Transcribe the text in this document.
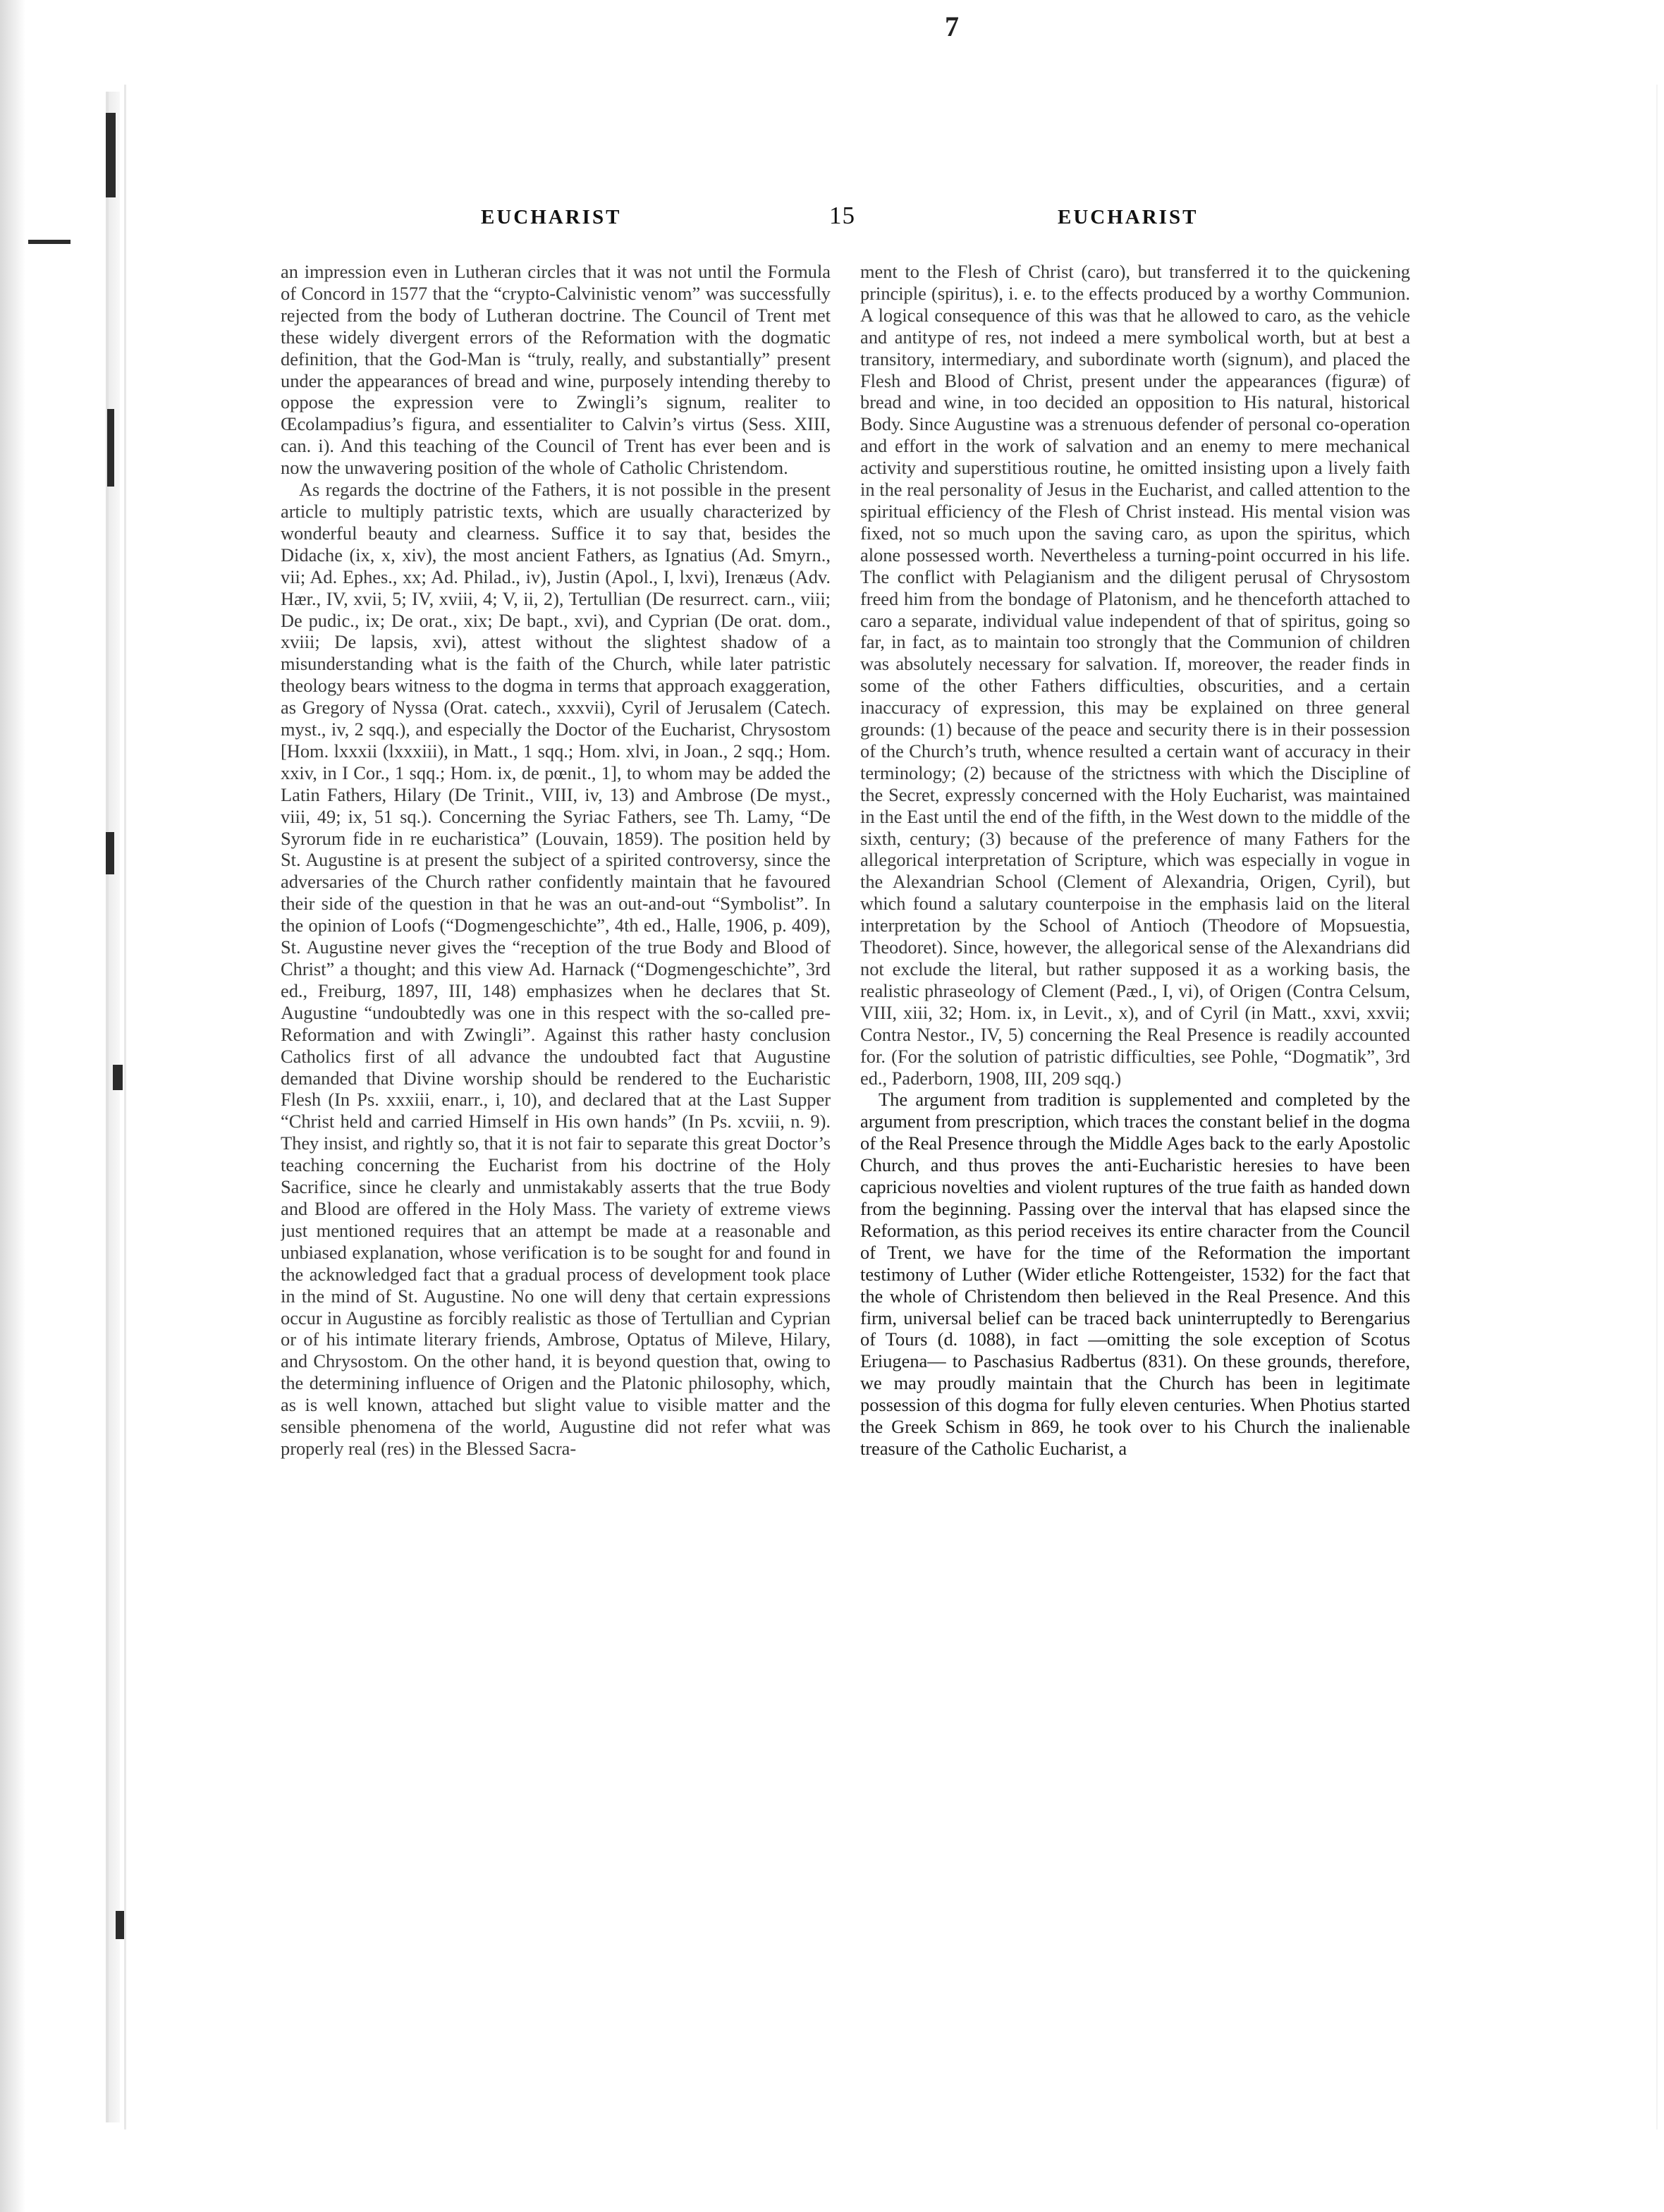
7
EUCHARIST	15	EUCHARIST

an impression even in Lutheran circles that it was not until the Formula of Concord in 1577 that the “crypto-Calvinistic venom” was successfully rejected from the body of Lutheran doctrine. The Council of Trent met these widely divergent errors of the Reformation with the dogmatic definition, that the God-Man is “truly, really, and substantially” present under the appearances of bread and wine, purposely intending thereby to oppose the expression vere to Zwingli’s signum, realiter to Œcolampadius’s figura, and essentialiter to Calvin’s virtus (Sess. XIII, can. i). And this teaching of the Council of Trent has ever been and is now the unwavering position of the whole of Catholic Christendom.

As regards the doctrine of the Fathers, it is not possible in the present article to multiply patristic texts, which are usually characterized by wonderful beauty and clearness. Suffice it to say that, besides the Didache (ix, x, xiv), the most ancient Fathers, as Ignatius (Ad. Smyrn., vii; Ad. Ephes., xx; Ad. Philad., iv), Justin (Apol., I, lxvi), Irenæus (Adv. Hær., IV, xvii, 5; IV, xviii, 4; V, ii, 2), Tertullian (De resurrect. carn., viii; De pudic., ix; De orat., xix; De bapt., xvi), and Cyprian (De orat. dom., xviii; De lapsis, xvi), attest without the slightest shadow of a misunderstanding what is the faith of the Church, while later patristic theology bears witness to the dogma in terms that approach exaggeration, as Gregory of Nyssa (Orat. catech., xxxvii), Cyril of Jerusalem (Catech. myst., iv, 2 sqq.), and especially the Doctor of the Eucharist, Chrysostom [Hom. lxxxii (lxxxiii), in Matt., 1 sqq.; Hom. xlvi, in Joan., 2 sqq.; Hom. xxiv, in I Cor., 1 sqq.; Hom. ix, de pœnit., 1], to whom may be added the Latin Fathers, Hilary (De Trinit., VIII, iv, 13) and Ambrose (De myst., viii, 49; ix, 51 sq.). Concerning the Syriac Fathers, see Th. Lamy, “De Syrorum fide in re eucharistica” (Louvain, 1859). The position held by St. Augustine is at present the subject of a spirited controversy, since the adversaries of the Church rather confidently maintain that he favoured their side of the question in that he was an out-and-out “Symbolist”. In the opinion of Loofs (“Dogmengeschichte”, 4th ed., Halle, 1906, p. 409), St. Augustine never gives the “reception of the true Body and Blood of Christ” a thought; and this view Ad. Harnack (“Dogmengeschichte”, 3rd ed., Freiburg, 1897, III, 148) emphasizes when he declares that St. Augustine “undoubtedly was one in this respect with the so-called pre-Reformation and with Zwingli”. Against this rather hasty conclusion Catholics first of all advance the undoubted fact that Augustine demanded that Divine worship should be rendered to the Eucharistic Flesh (In Ps. xxxiii, enarr., i, 10), and declared that at the Last Supper “Christ held and carried Himself in His own hands” (In Ps. xcviii, n. 9). They insist, and rightly so, that it is not fair to separate this great Doctor’s teaching concerning the Eucharist from his doctrine of the Holy Sacrifice, since he clearly and unmistakably asserts that the true Body and Blood are offered in the Holy Mass. The variety of extreme views just mentioned requires that an attempt be made at a reasonable and unbiased explanation, whose verification is to be sought for and found in the acknowledged fact that a gradual process of development took place in the mind of St. Augustine. No one will deny that certain expressions occur in Augustine as forcibly realistic as those of Tertullian and Cyprian or of his intimate literary friends, Ambrose, Optatus of Mileve, Hilary, and Chrysostom. On the other hand, it is beyond question that, owing to the determining influence of Origen and the Platonic philosophy, which, as is well known, attached but slight value to visible matter and the sensible phenomena of the world, Augustine did not refer what was properly real (res) in the Blessed Sacra-

ment to the Flesh of Christ (caro), but transferred it to the quickening principle (spiritus), i. e. to the effects produced by a worthy Communion. A logical consequence of this was that he allowed to caro, as the vehicle and antitype of res, not indeed a mere symbolical worth, but at best a transitory, intermediary, and subordinate worth (signum), and placed the Flesh and Blood of Christ, present under the appearances (figuræ) of bread and wine, in too decided an opposition to His natural, historical Body. Since Augustine was a strenuous defender of personal co-operation and effort in the work of salvation and an enemy to mere mechanical activity and superstitious routine, he omitted insisting upon a lively faith in the real personality of Jesus in the Eucharist, and called attention to the spiritual efficiency of the Flesh of Christ instead. His mental vision was fixed, not so much upon the saving caro, as upon the spiritus, which alone possessed worth. Nevertheless a turning-point occurred in his life. The conflict with Pelagianism and the diligent perusal of Chrysostom freed him from the bondage of Platonism, and he thenceforth attached to caro a separate, individual value independent of that of spiritus, going so far, in fact, as to maintain too strongly that the Communion of children was absolutely necessary for salvation. If, moreover, the reader finds in some of the other Fathers difficulties, obscurities, and a certain inaccuracy of expression, this may be explained on three general grounds: (1) because of the peace and security there is in their possession of the Church’s truth, whence resulted a certain want of accuracy in their terminology; (2) because of the strictness with which the Discipline of the Secret, expressly concerned with the Holy Eucharist, was maintained in the East until the end of the fifth, in the West down to the middle of the sixth, century; (3) because of the preference of many Fathers for the allegorical interpretation of Scripture, which was especially in vogue in the Alexandrian School (Clement of Alexandria, Origen, Cyril), but which found a salutary counterpoise in the emphasis laid on the literal interpretation by the School of Antioch (Theodore of Mopsuestia, Theodoret). Since, however, the allegorical sense of the Alexandrians did not exclude the literal, but rather supposed it as a working basis, the realistic phraseology of Clement (Pæd., I, vi), of Origen (Contra Celsum, VIII, xiii, 32; Hom. ix, in Levit., x), and of Cyril (in Matt., xxvi, xxvii; Contra Nestor., IV, 5) concerning the Real Presence is readily accounted for. (For the solution of patristic difficulties, see Pohle, “Dogmatik”, 3rd ed., Paderborn, 1908, III, 209 sqq.)

The argument from tradition is supplemented and completed by the argument from prescription, which traces the constant belief in the dogma of the Real Presence through the Middle Ages back to the early Apostolic Church, and thus proves the anti-Eucharistic heresies to have been capricious novelties and violent ruptures of the true faith as handed down from the beginning. Passing over the interval that has elapsed since the Reformation, as this period receives its entire character from the Council of Trent, we have for the time of the Reformation the important testimony of Luther (Wider etliche Rottengeister, 1532) for the fact that the whole of Christendom then believed in the Real Presence. And this firm, universal belief can be traced back uninterruptedly to Berengarius of Tours (d. 1088), in fact —omitting the sole exception of Scotus Eriugena— to Paschasius Radbertus (831). On these grounds, therefore, we may proudly maintain that the Church has been in legitimate possession of this dogma for fully eleven centuries. When Photius started the Greek Schism in 869, he took over to his Church the inalienable treasure of the Catholic Eucharist, a
